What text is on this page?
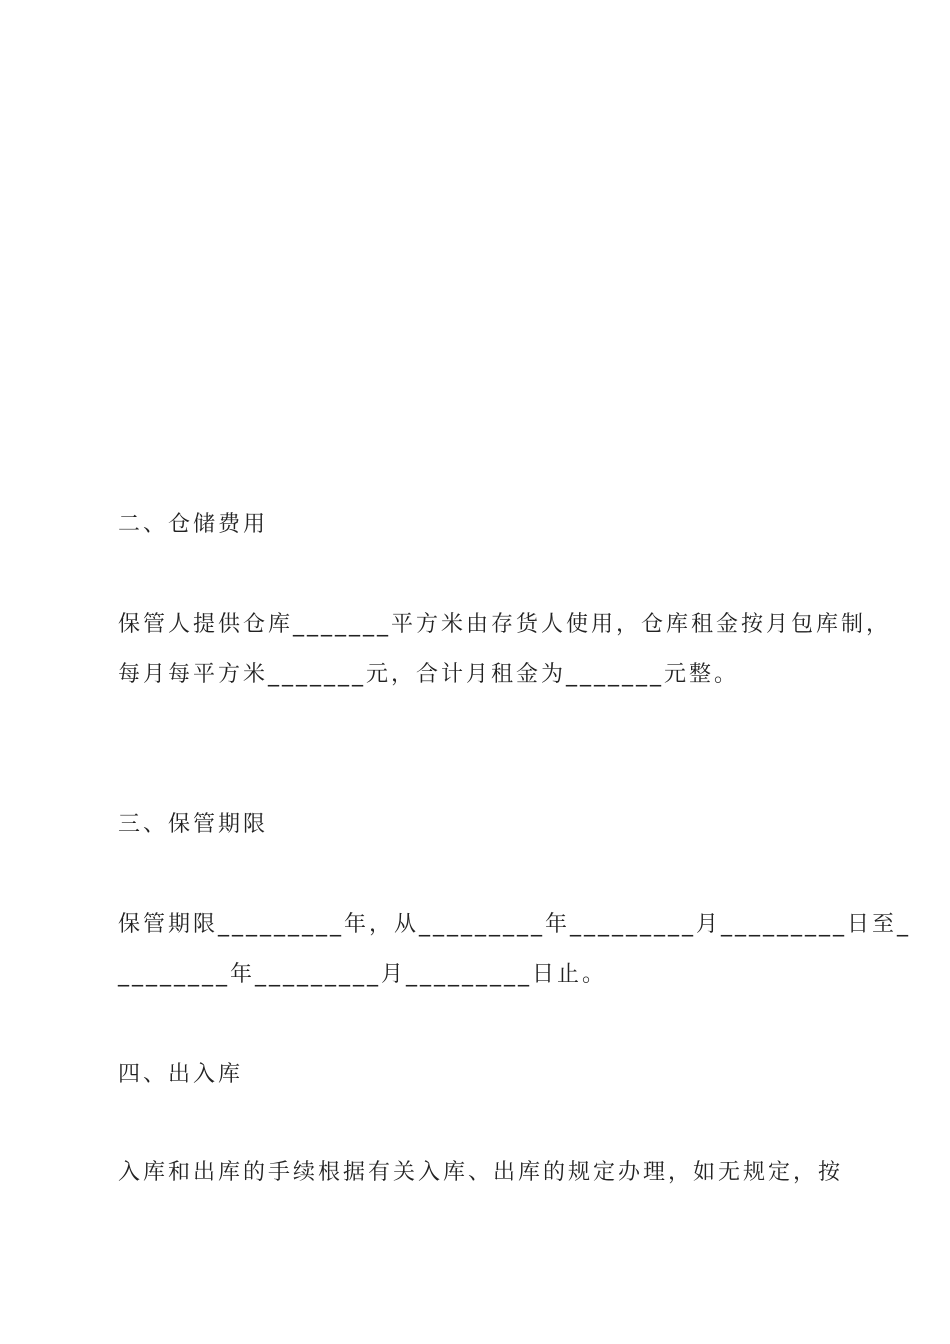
二、仓储费用
保管人提供仓库_______平方米由存货人使用，仓库租金按月包库制，
每月每平方米_______元，合计月租金为_______元整。
三、保管期限
保管期限_________年，从_________年_________月_________日至_
________年_________月_________日止。
四、出入库
入库和出库的手续根据有关入库、出库的规定办理，如无规定，按
